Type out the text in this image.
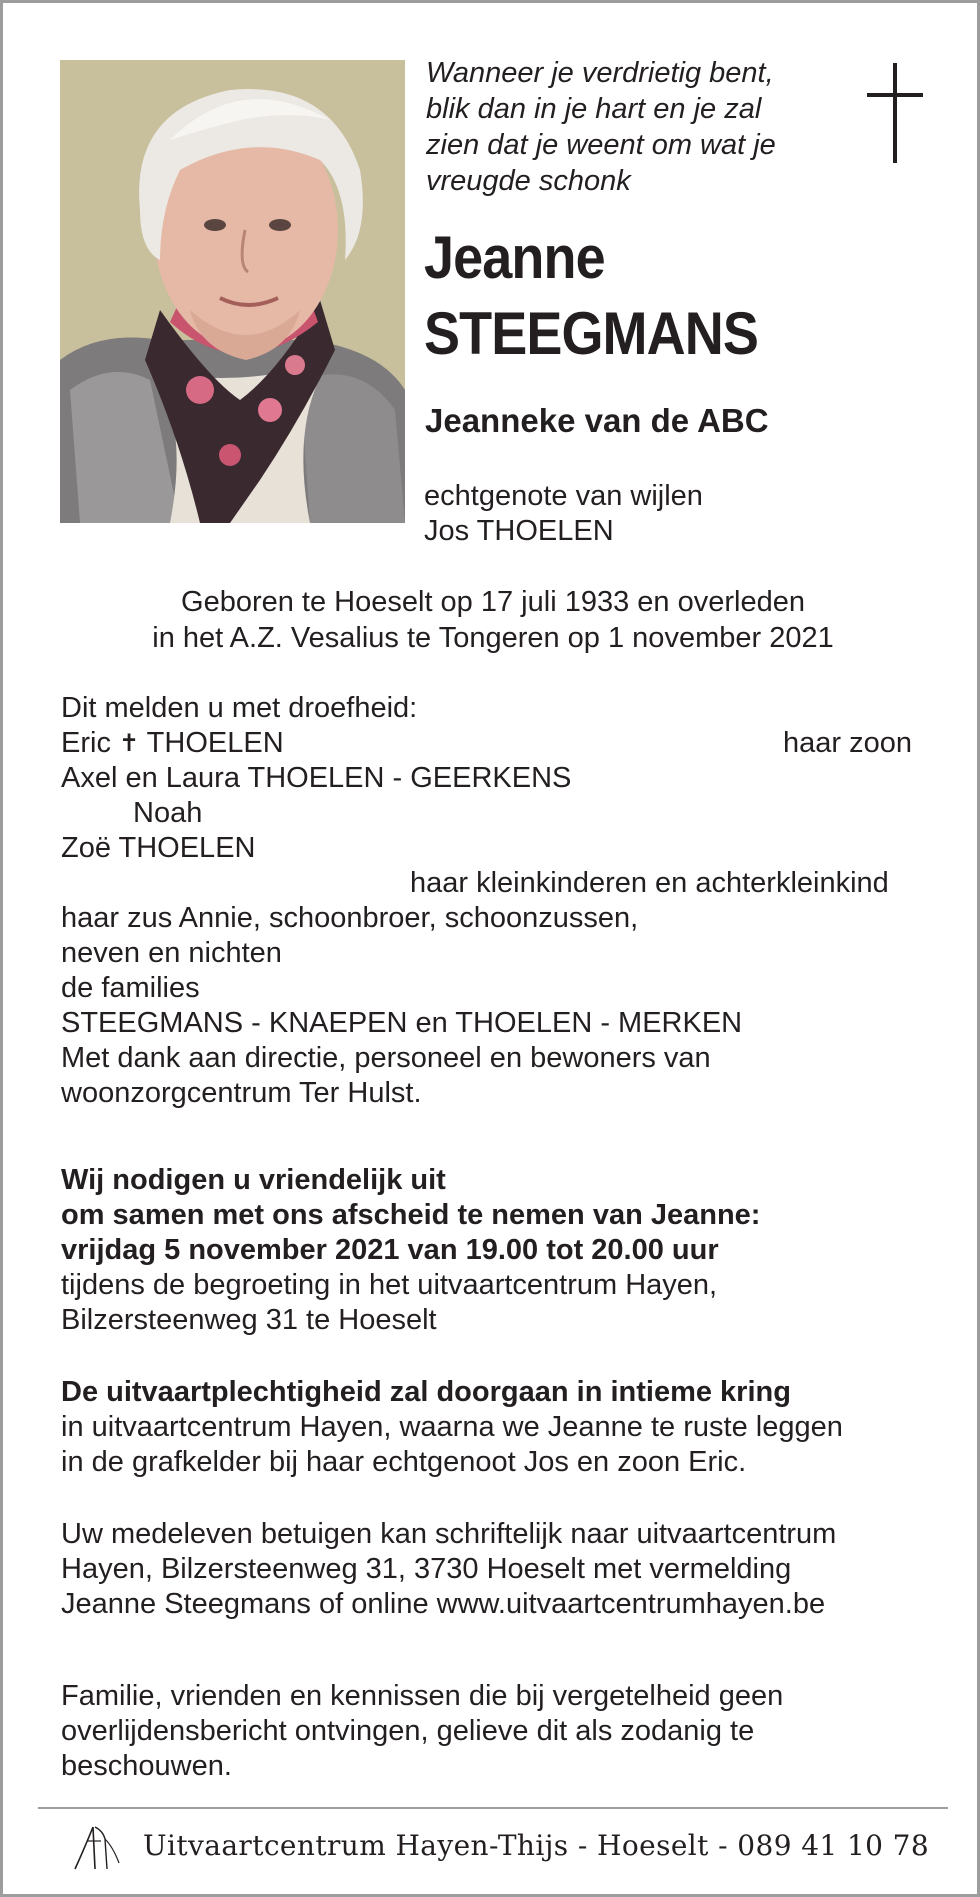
Wanneer je verdrietig bent,
blik dan in je hart en je zal
zien dat je weent om wat je
vreugde schonk
Jeanne
STEEGMANS
Jeanneke van de ABC
echtgenote van wijlen
Jos THOELEN
Geboren te Hoeselt op 17 juli 1933 en overleden
in het A.Z. Vesalius te Tongeren op 1 november 2021
Dit melden u met droefheid:
Eric ✝ THOELEN	haar zoon
Axel en Laura THOELEN - GEERKENS
Noah
Zoë THOELEN
haar kleinkinderen en achterkleinkind
haar zus Annie, schoonbroer, schoonzussen,
neven en nichten
de families
STEEGMANS - KNAEPEN en THOELEN - MERKEN
Met dank aan directie, personeel en bewoners van
woonzorgcentrum Ter Hulst.
Wij nodigen u vriendelijk uit
om samen met ons afscheid te nemen van Jeanne:
vrijdag 5 november 2021 van 19.00 tot 20.00 uur
tijdens de begroeting in het uitvaartcentrum Hayen,
Bilzersteenweg 31 te Hoeselt
De uitvaartplechtigheid zal doorgaan in intieme kring
in uitvaartcentrum Hayen, waarna we Jeanne te ruste leggen
in de grafkelder bij haar echtgenoot Jos en zoon Eric.
Uw medeleven betuigen kan schriftelijk naar uitvaartcentrum
Hayen, Bilzersteenweg 31, 3730 Hoeselt met vermelding
Jeanne Steegmans of online www.uitvaartcentrumhayen.be
Familie, vrienden en kennissen die bij vergetelheid geen
overlijdensbericht ontvingen, gelieve dit als zodanig te
beschouwen.
Uitvaartcentrum Hayen-Thijs - Hoeselt - 089 41 10 78
